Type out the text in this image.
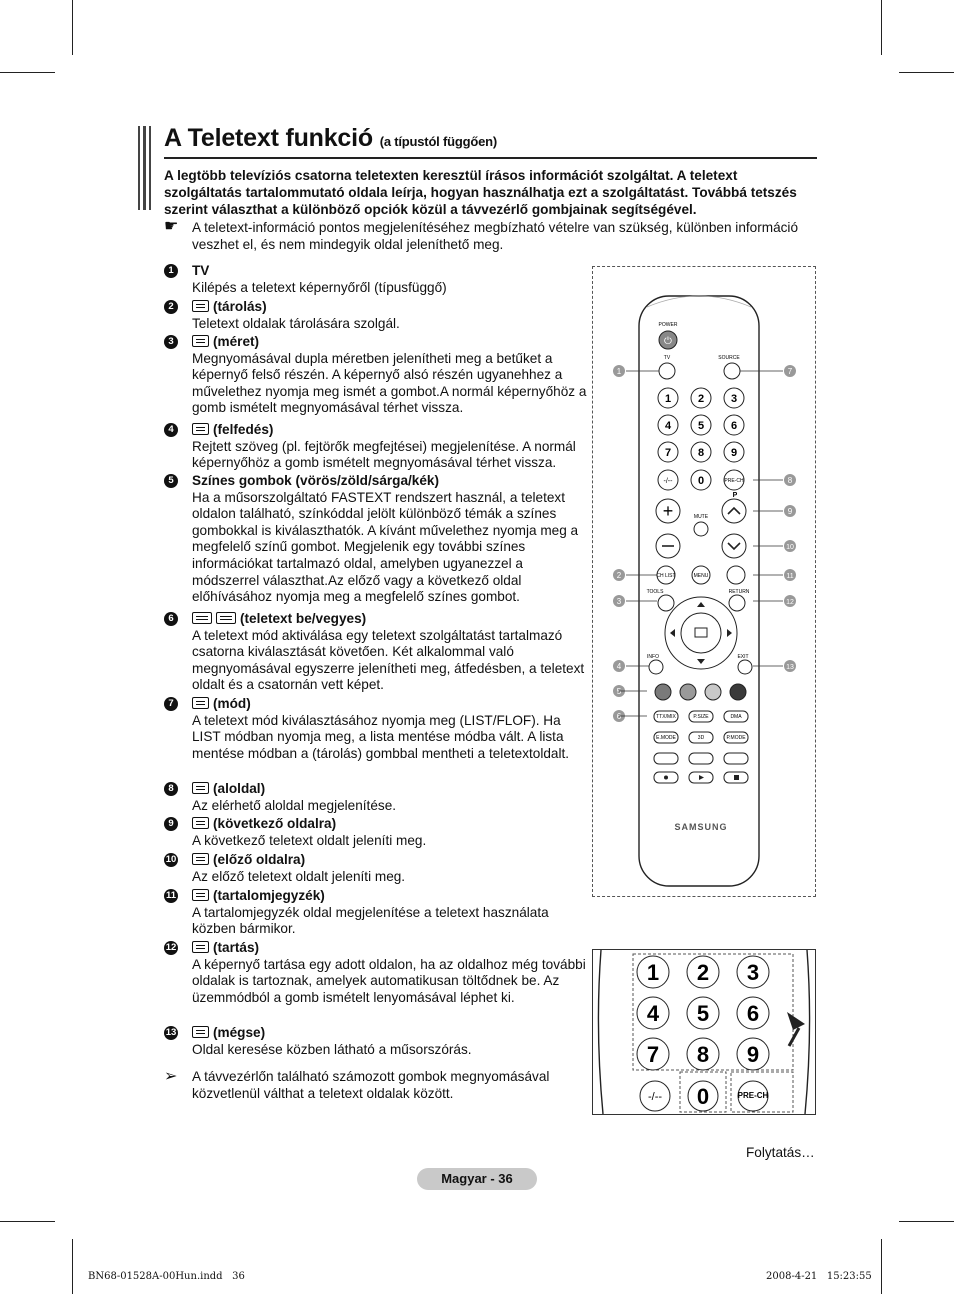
A Teletext funkció (a típustól függően)
A legtöbb televíziós csatorna teletexten keresztül írásos információt szolgáltat. A teletext szolgáltatás tartalommutató oldala leírja, hogyan használhatja ezt a szolgáltatást. Továbbá tetszés szerint választhat a különböző opciók közül a távvezérlő gombjainak segítségével.
☛ A teletext-információ pontos megjelenítéséhez megbízható vételre van szükség, különben információ veszhet el, és nem mindegyik oldal jeleníthető meg.
1	TV
Kilépés a teletext képernyőről (típusfüggő)
2	(tárolás)
Teletext oldalak tárolására szolgál.
3	(méret)
Megnyomásával dupla méretben jelenítheti meg a betűket a képernyő felső részén. A képernyő alsó részén ugyanehhez a művelethez nyomja meg ismét a gombot.A normál képernyőhöz a gomb ismételt megnyomásával térhet vissza.
4	(felfedés)
Rejtett szöveg (pl. fejtörők megfejtései) megjelenítése. A normál képernyőhöz a gomb ismételt megnyomásával térhet vissza.
5	Színes gombok (vörös/zöld/sárga/kék)
Ha a műsorszolgáltató FASTEXT rendszert használ, a teletext oldalon található, színkóddal jelölt különböző témák a színes gombokkal is kiválaszthatók. A kívánt művelethez nyomja meg a megfelelő színű gombot. Megjelenik egy további színes információkat tartalmazó oldal, amelyben ugyanezzel a módszerrel választhat.Az előző vagy a következő oldal előhívásához nyomja meg a megfelelő színes gombot.
6	(teletext be/vegyes)
A teletext mód aktiválása egy teletext szolgáltatást tartalmazó csatorna kiválasztását követően. Két alkalommal való megnyomásával egyszerre jelenítheti meg, átfedésben, a teletext oldalt és a csatornán vett képet.
7	(mód)
A teletext mód kiválasztásához nyomja meg (LIST/FLOF). Ha LIST módban nyomja meg, a lista mentése módba vált. A lista mentése módban a (tárolás) gombbal mentheti a teletextoldalt.
8	(aloldal)
Az elérhető aloldal megjelenítése.
9	(következő oldalra)
A következő teletext oldalt jeleníti meg.
10	(előző oldalra)
Az előző teletext oldalt jeleníti meg.
11	(tartalomjegyzék)
A tartalomjegyzék oldal megjelenítése a teletext használata közben bármikor.
12	(tartás)
A képernyő tartása egy adott oldalon, ha az oldalhoz még további oldalak is tartoznak, amelyek automatikusan töltődnek be. Az üzemmódból a gomb ismételt lenyomásával léphet ki.
13	(mégse)
Oldal keresése közben látható a műsorszórás.
➢ A távvezérlőn található számozott gombok megnyomásával közvetlenül válthat a teletext oldalak között.
POWER
⏻
TV	SOURCE
1
2
3
4
5
6
7
8
9
10
11
12
13
1 2 3
4 5 6
7 8 9
-/-- 0	PRE-CH
P
+	MUTE
CH LIST	MENU
TOOLS	RETURN
INFO	EXIT
TTX/MIX	P.SIZE	DMA
E.MODE	3D	P.MODE
SAMSUNG
1 2 3
4 5 6
7 8 9
-/-- 0	PRE-CH
Folytatás…
Magyar - 36
BN68-01528A-00Hun.indd   36	2008-4-21   15:23:55
